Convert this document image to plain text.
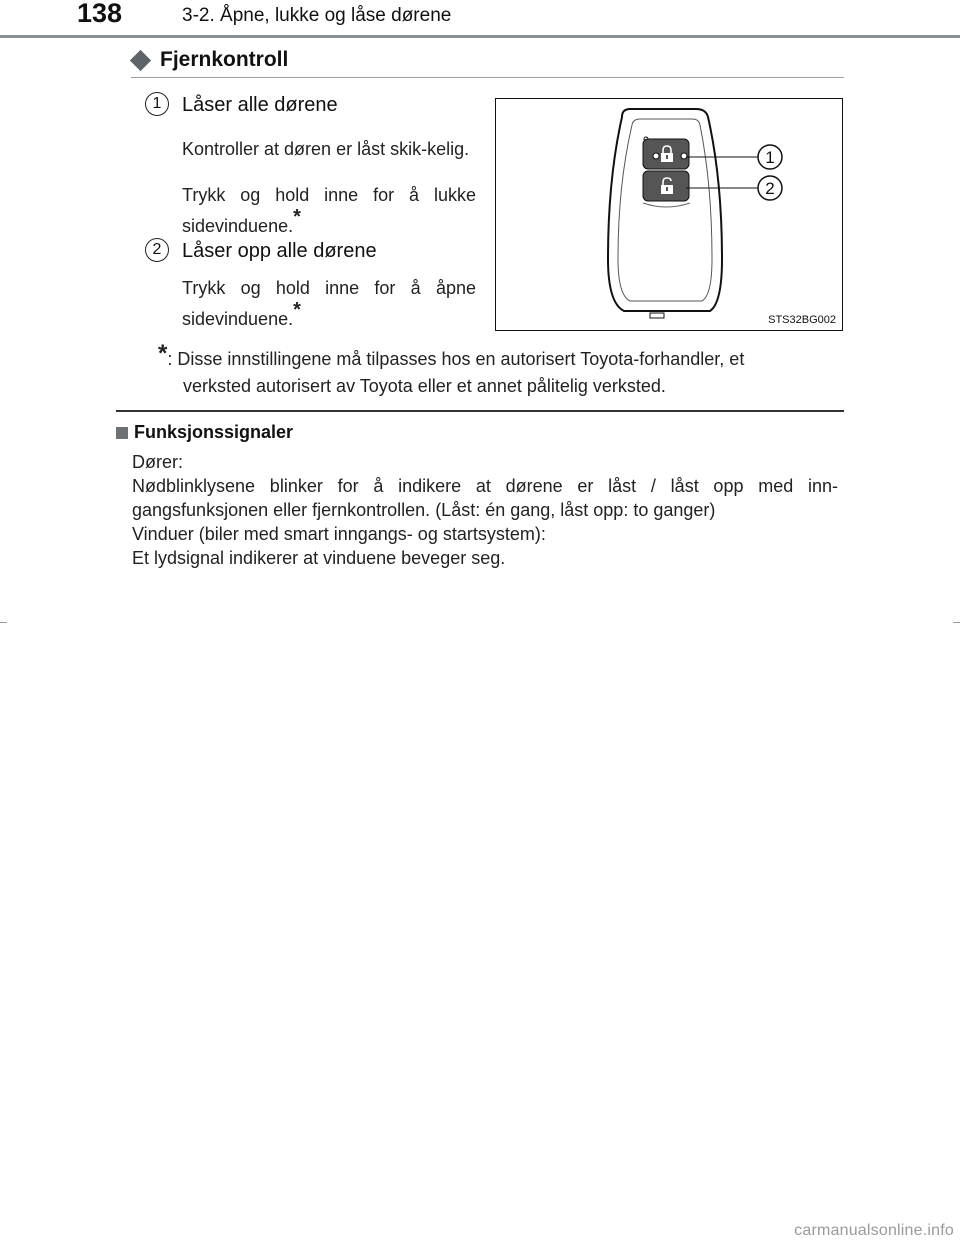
138	3-2. Åpne, lukke og låse dørene
Fjernkontroll
1	Låser alle dørene
Kontroller at døren er låst skik-kelig.
Trykk og hold inne for å lukke sidevinduene.*
2	Låser opp alle dørene
Trykk og hold inne for å åpne sidevinduene.*
1
2
STS32BG002
*: Disse innstillingene må tilpasses hos en autorisert Toyota-forhandler, et
verksted autorisert av Toyota eller et annet pålitelig verksted.
Funksjonssignaler

Dører:

Nødblinklysene blinker for å indikere at dørene er låst / låst opp med inn-

gangsfunksjonen eller fjernkontrollen. (Låst: én gang, låst opp: to ganger)

Vinduer (biler med smart inngangs- og startsystem):

Et lydsignal indikerer at vinduene beveger seg.

carmanualsonline.info
